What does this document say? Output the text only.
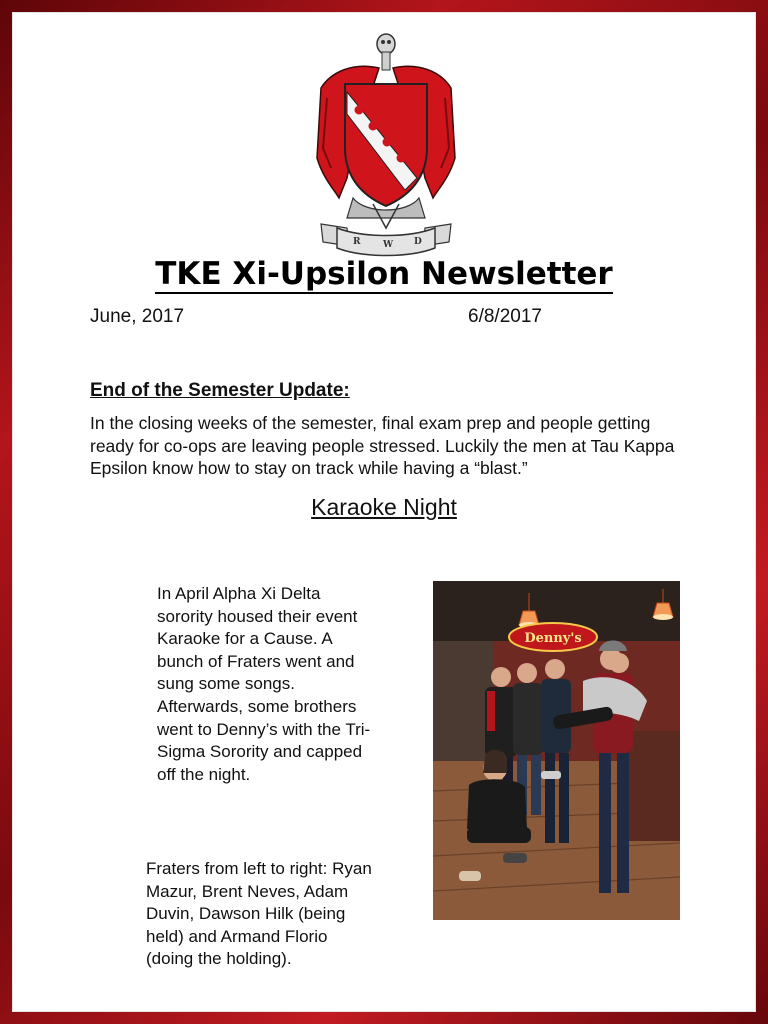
R	W D
TKE Xi-Upsilon Newsletter
June, 2017	6/8/2017
End of the Semester Update:
In the closing weeks of the semester, final exam prep and people getting ready for co-ops are leaving people stressed. Luckily the men at Tau Kappa Epsilon know how to stay on track while having a “blast.”
Karaoke Night
In April Alpha Xi Delta sorority housed their event Karaoke for a Cause. A bunch of Fraters went and sung some songs. Afterwards, some brothers went to Denny’s with the Tri-Sigma Sorority and capped off the night.
Fraters from left to right: Ryan Mazur, Brent Neves, Adam Duvin, Dawson Hilk (being held) and Armand Florio (doing the holding).
Denny's
